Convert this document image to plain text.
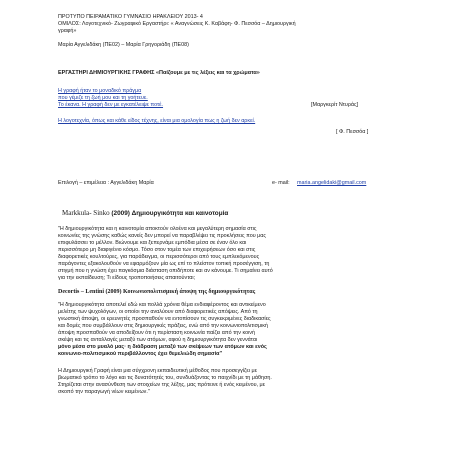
ΠΡΟΤΥΠΟ ΠΕΙΡΑΜΑΤΙΚΟ ΓΥΜΝΑΣΙΟ ΗΡΑΚΛΕΙΟΥ 2013- 4
ΟΜΙΛΟΣ: Λογοτεχνικό- Ζωγραφικό Εργαστήρι: « Αναγνώσεις Κ. Καβάφη- Φ. Πεσσόα – Δημιουργική
γραφή»
Μαρία Αγγελιδάκη (ΠΕ02) – Μαρία Γρηγοριάδη (ΠΕ08)
ΕΡΓΑΣΤΗΡΙ ΔΗΜΙΟΥΡΓΙΚΗΣ ΓΡΑΦΗΣ «Παίζουμε με τις λέξεις και τα χρώματα»
Η γραφή ήταν το μοναδικό πράγμα
που γέμιζε τη ζωή μου και τη γοήτευε.
Το έκανα. Η γραφή δεν με εγκατέλειψε ποτέ.	[Μαργκερίτ Ντυράς]
Η λογοτεχνία, όπως και κάθε είδος τέχνης, είναι μια ομολογία πως η ζωή δεν αρκεί.
[ Φ. Πεσσόα ]
Επιλογή – επιμέλεια : Αγγελιδάκη Μαρία	e- mail: maria.angelidaki@gmail.com
Markkula- Sinko (2009) Δημιουργικότητα και καινοτομία
"Η δημιουργικότητα και η καινοτομία αποκτούν ολοένα και μεγαλύτερη σημασία στις
κοινωνίες της γνώσης καθώς κανείς δεν μπορεί να παραβλέψει τις προκλήσεις που μας
επιφυλάσσει το μέλλον. Βιώνουμε και ξεπερνάμε εμπόδια μέσα σε έναν όλο και
περισσότερο μη διαφιγένιο κόσμο. Τόσο στον τομέα των επιχειρήσεων όσο και στις
διαφορετικές κουλτούρες, για παράδειγμα, οι περισσότεροι από τους εμπλεκόμενους
παράγοντες εξακολουθούν να εφαρμόζουν μία ως επί το πλείστον τοπική προσέγγιση, τη
στιγμή που η γνώση έχει παγκόσμια διάσταση οπιδήποτε και αν κάνουμε. Τι σημαίνει αυτό
για την εκπαίδευση; Τι είδους τροποποιήσεις απαιτούνται;
Decortis – Lentini (2009) Κοινωνιοπολιτισμική άποψη της δημιουργικότητας
"Η δημιουργικότητα αποτελεί εδώ και πολλά χρόνια θέμα ενδιαφέροντος και αντικείμενο
μελέτης των ψυχολόγων, οι οποίοι την αναλύουν από διαφορετικές απόψεις. Από τη
γνωστική άποψη, οι ερευνητές προσπαθούν να εντοπίσουν τις συγκεκριμένες διαδικασίες
και δομές που συμβάλλουν στις δημιουργικές πράξεις, ενώ από την κοινωνιοπολιτισμική
άποψη προσπαθούν να αποδείξουν ότι η περίσταση κοινωνία παίζει από την κοινή
σκέψη και τις ανταλλαγές μεταξύ των ατόμων, αφού η δημιουργικότητα δεν γεννάται
μόνο μέσα στο μυαλό μας· η διάδραση μεταξύ των σκέψεων των ατόμων και ενός
κοινωνιο-πολιτισμικού περιβάλλοντος έχει θεμελιώδη σημασία"
Η Δημιουργική Γραφή είναι μια σύγχρονη εκπαιδευτική μέθοδος που προσεγγίζει με
βιωματικό τρόπο το λόγο και τις δυνατότητές του, συνδυάζοντας το παιχνίδι με τη μάθηση.
Στηρίζεται στην ανασύνθεση των στοιχείων της λέξης, μας πρότεινε ή ενός κειμένου, με
σκοπό την παραγωγή νέων κειμένων."
